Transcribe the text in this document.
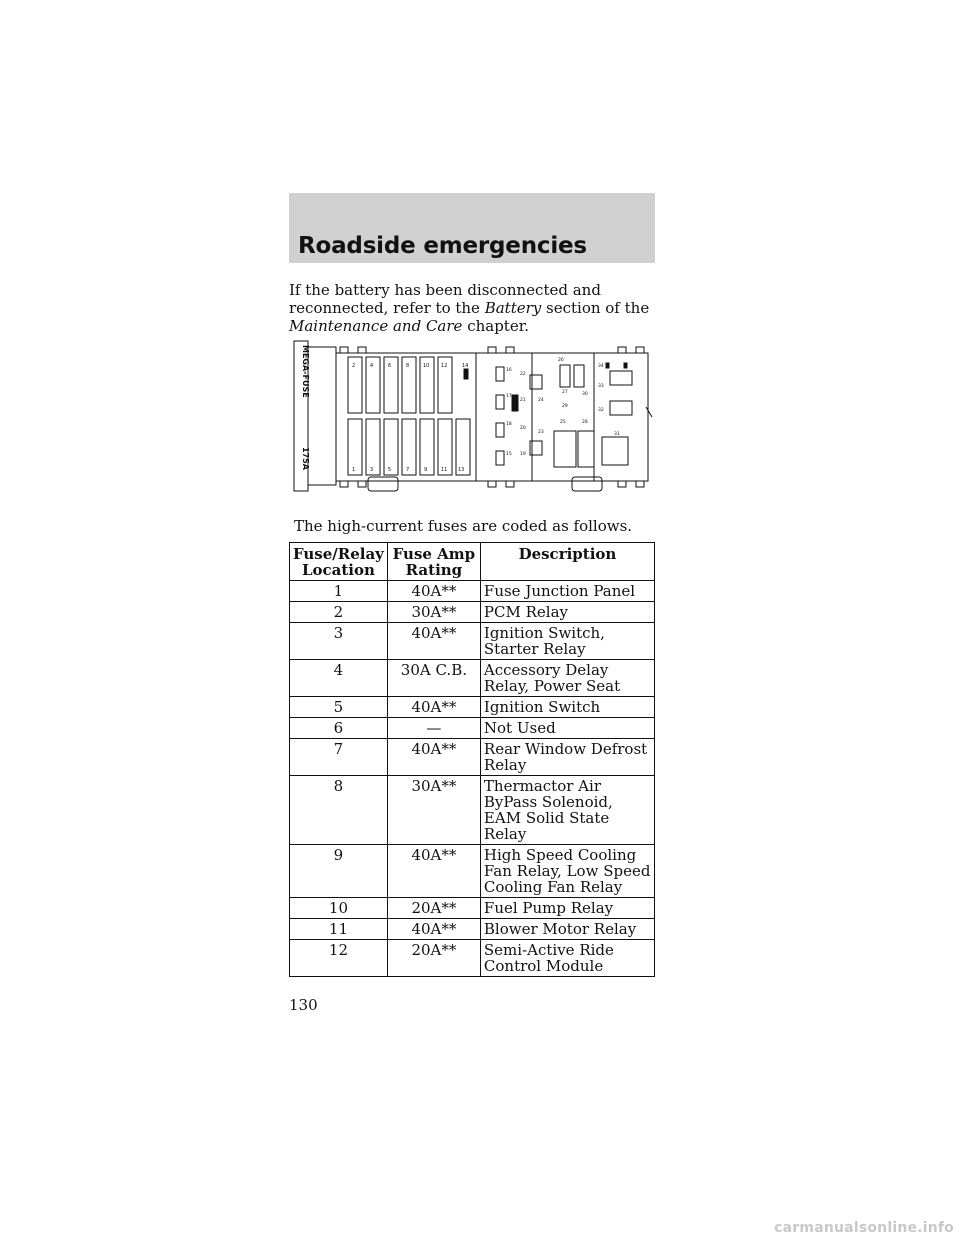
Roadside emergencies

If the battery has been disconnected and reconnected, refer to the Battery section of the Maintenance and Care chapter.

MEGA-FUSE
175A
2	4	6	8	10 12	14
1	3	5	7	9	11 13
16
22
17
21
18
20
15 19
24
23
26
27	30
28
25
29
34
33
32
31

The high-current fuses are coded as follows.

Fuse/Relay Location	Fuse Amp Rating	Description
1	40A**	Fuse Junction Panel
2	30A**	PCM Relay
3	40A**	Ignition Switch, Starter Relay
4	30A C.B.	Accessory Delay Relay, Power Seat
5	40A**	Ignition Switch
6	—	Not Used
7	40A**	Rear Window Defrost Relay
8	30A**	Thermactor Air ByPass Solenoid, EAM Solid State Relay
9	40A**	High Speed Cooling Fan Relay, Low Speed Cooling Fan Relay
10	20A**	Fuel Pump Relay
11	40A**	Blower Motor Relay
12	20A**	Semi-Active Ride Control Module

130

carmanualsonline.info
